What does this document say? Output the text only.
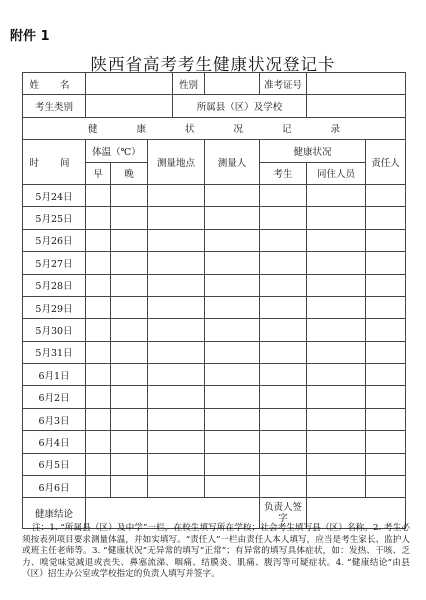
附件 1
陕西省高考考生健康状况登记卡
姓 名				性别		准考证号		
考生类别				所属县（区）及学校				
健 康 状 况 记 录								
时 间	体温（℃）		测量地点		测量人	健康状况		责任人
	早	晚				考生	同住人员	
5月24日								
5月25日								
5月26日								
5月27日								
5月28日								
5月29日								
5月30日								
5月31日								
6月1日								
6月2日								
6月3日								
6月4日								
6月5日								
6月6日								
健康结论						负责人签字		
注：1. “所属县（区）及中学”一栏，在校生填写所在学校；社会考生填写县（区）名称。2. 考生必须按表列项目要求测量体温，并如实填写。“责任人”一栏由责任人本人填写，应当是考生家长、监护人或班主任老师等。3. “健康状况”无异常的填写“正常”；有异常的填写具体症状，如：发热、干咳、乏力、嗅觉味觉减退或丧失、鼻塞流涕、咽痛、结膜炎、肌痛、腹泻等可疑症状。4. “健康结论”由县（区）招生办公室或学校指定的负责人填写并签字。
